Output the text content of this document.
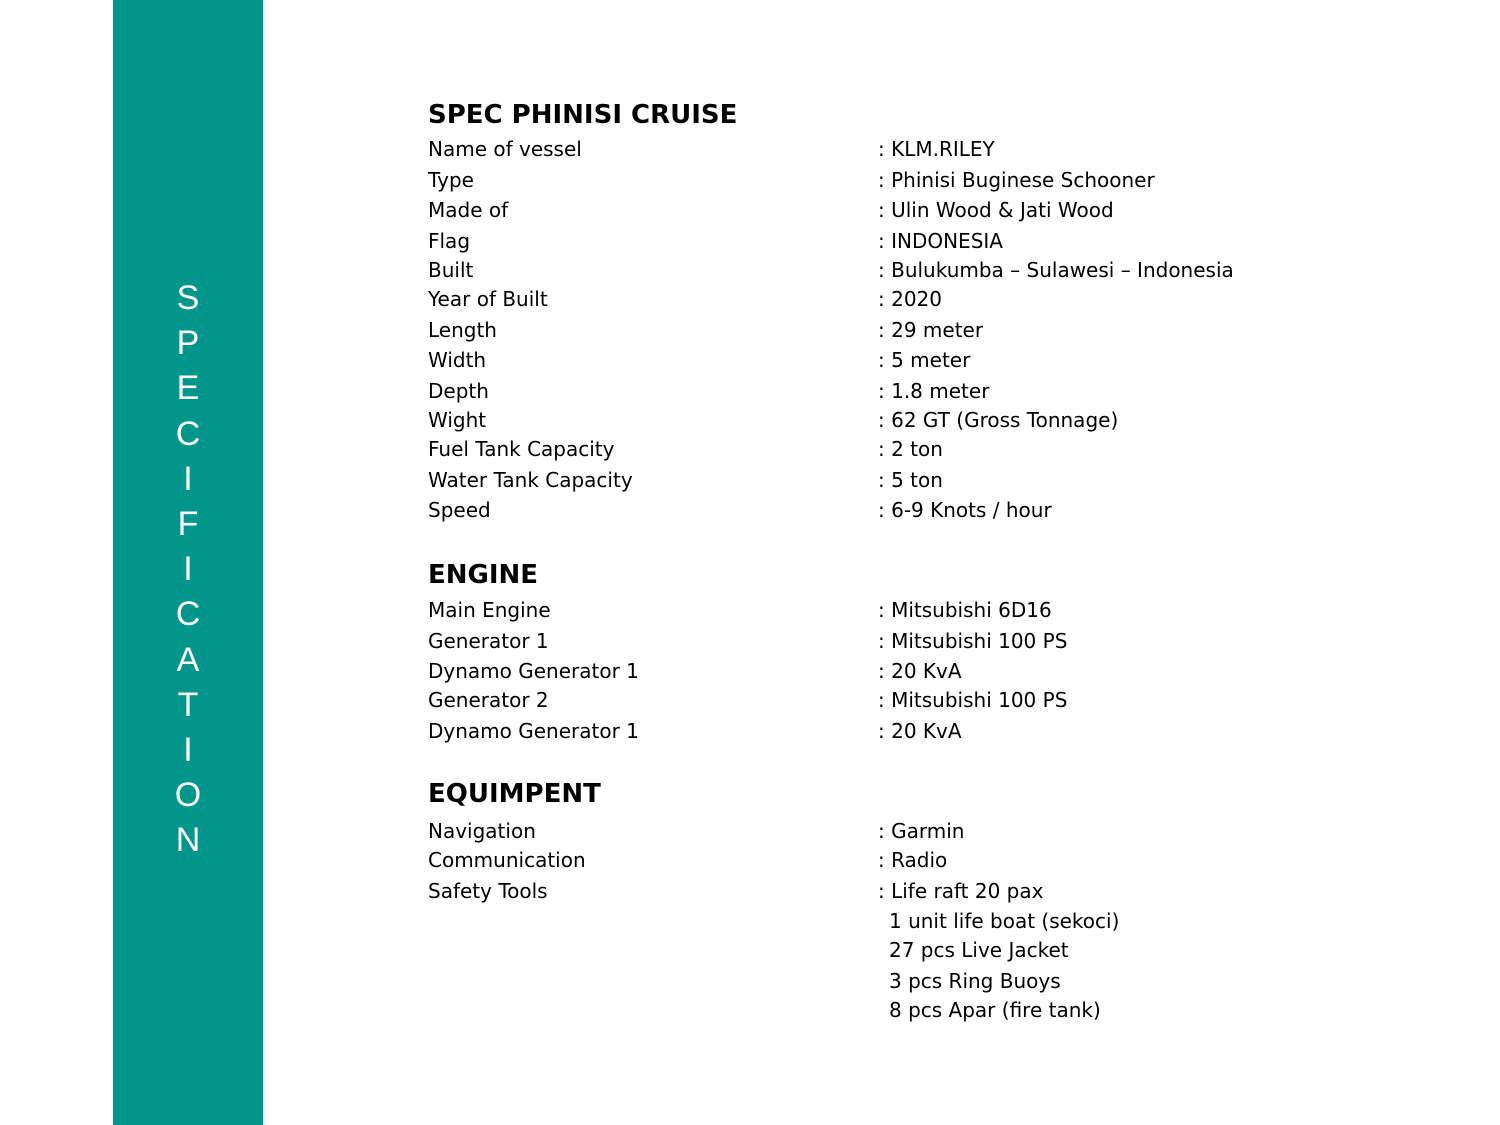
S
P
E
C
I
F
I
C
A
T
I
O
N
SPEC PHINISI CRUISE
Name of vessel	: KLM.RILEY
Type	: Phinisi Buginese Schooner
Made of	: Ulin Wood & Jati Wood
Flag	: INDONESIA
Built	: Bulukumba – Sulawesi – Indonesia
Year of Built	: 2020
Length	: 29 meter
Width	: 5 meter
Depth	: 1.8 meter
Wight	: 62 GT (Gross Tonnage)
Fuel Tank Capacity	: 2 ton
Water Tank Capacity	: 5 ton
Speed	: 6-9 Knots / hour
ENGINE
Main Engine	: Mitsubishi 6D16
Generator 1	: Mitsubishi 100 PS
Dynamo Generator 1	: 20 KvA
Generator 2	: Mitsubishi 100 PS
Dynamo Generator 1	: 20 KvA
EQUIMPENT
Navigation	: Garmin
Communication	: Radio
Safety Tools	: Life raft 20 pax
1 unit life boat (sekoci)
27 pcs Live Jacket
3 pcs Ring Buoys
8 pcs Apar (fire tank)
